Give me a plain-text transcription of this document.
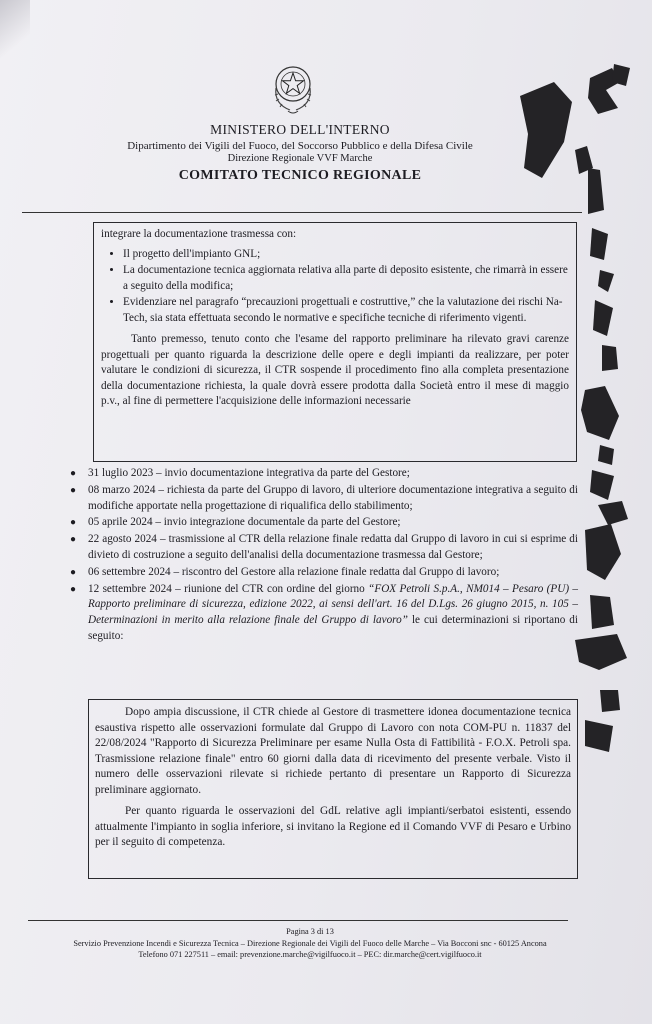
MINISTERO DELL'INTERNO
Dipartimento dei Vigili del Fuoco, del Soccorso Pubblico e della Difesa Civile
Direzione Regionale VVF Marche
COMITATO TECNICO REGIONALE
integrare la documentazione trasmessa con:
• Il progetto dell'impianto GNL;
• La documentazione tecnica aggiornata relativa alla parte di deposito esistente, che rimarrà in essere a seguito della modifica;
• Evidenziare nel paragrafo “precauzioni progettuali e costruttive,” che la valutazione dei rischi Na-Tech, sia stata effettuata secondo le normative e specifiche tecniche di riferimento vigenti.

Tanto premesso, tenuto conto che l'esame del rapporto preliminare ha rilevato gravi carenze progettuali per quanto riguarda la descrizione delle opere e degli impianti da realizzare, per poter valutare le condizioni di sicurezza, il CTR sospende il procedimento fino alla completa presentazione della documentazione richiesta, la quale dovrà essere prodotta dalla Società entro il mese di maggio p.v., al fine di permettere l'acquisizione delle informazioni necessarie

● 31 luglio 2023 – invio documentazione integrativa da parte del Gestore;
● 08 marzo 2024 – richiesta da parte del Gruppo di lavoro, di ulteriore documentazione integrativa a seguito di modifiche apportate nella progettazione di riqualifica dello stabilimento;
● 05 aprile 2024 – invio integrazione documentale da parte del Gestore;
● 22 agosto 2024 – trasmissione al CTR della relazione finale redatta dal Gruppo di lavoro in cui si esprime di divieto di costruzione a seguito dell'analisi della documentazione trasmessa dal Gestore;
● 06 settembre 2024 – riscontro del Gestore alla relazione finale redatta dal Gruppo di lavoro;
● 12 settembre 2024 – riunione del CTR con ordine del giorno “FOX Petroli S.p.A., NM014 – Pesaro (PU) – Rapporto preliminare di sicurezza, edizione 2022, ai sensi dell'art. 16 del D.Lgs. 26 giugno 2015, n. 105 – Determinazioni in merito alla relazione finale del Gruppo di lavoro” le cui determinazioni si riportano di seguito:

Dopo ampia discussione, il CTR chiede al Gestore di trasmettere idonea documentazione tecnica esaustiva rispetto alle osservazioni formulate dal Gruppo di Lavoro con nota COM-PU n. 11837 del 22/08/2024 "Rapporto di Sicurezza Preliminare per esame Nulla Osta di Fattibilità - F.O.X. Petroli spa. Trasmissione relazione finale" entro 60 giorni dalla data di ricevimento del presente verbale. Visto il numero delle osservazioni rilevate si richiede pertanto di presentare un Rapporto di Sicurezza preliminare aggiornato.

Per quanto riguarda le osservazioni del GdL relative agli impianti/serbatoi esistenti, essendo attualmente l'impianto in soglia inferiore, si invitano la Regione ed il Comando VVF di Pesaro e Urbino per il seguito di competenza.

Pagina 3 di 13
Servizio Prevenzione Incendi e Sicurezza Tecnica – Direzione Regionale dei Vigili del Fuoco delle Marche – Via Bocconi snc - 60125 Ancona
Telefono 071 227511 – email: prevenzione.marche@vigilfuoco.it – PEC: dir.marche@cert.vigilfuoco.it
